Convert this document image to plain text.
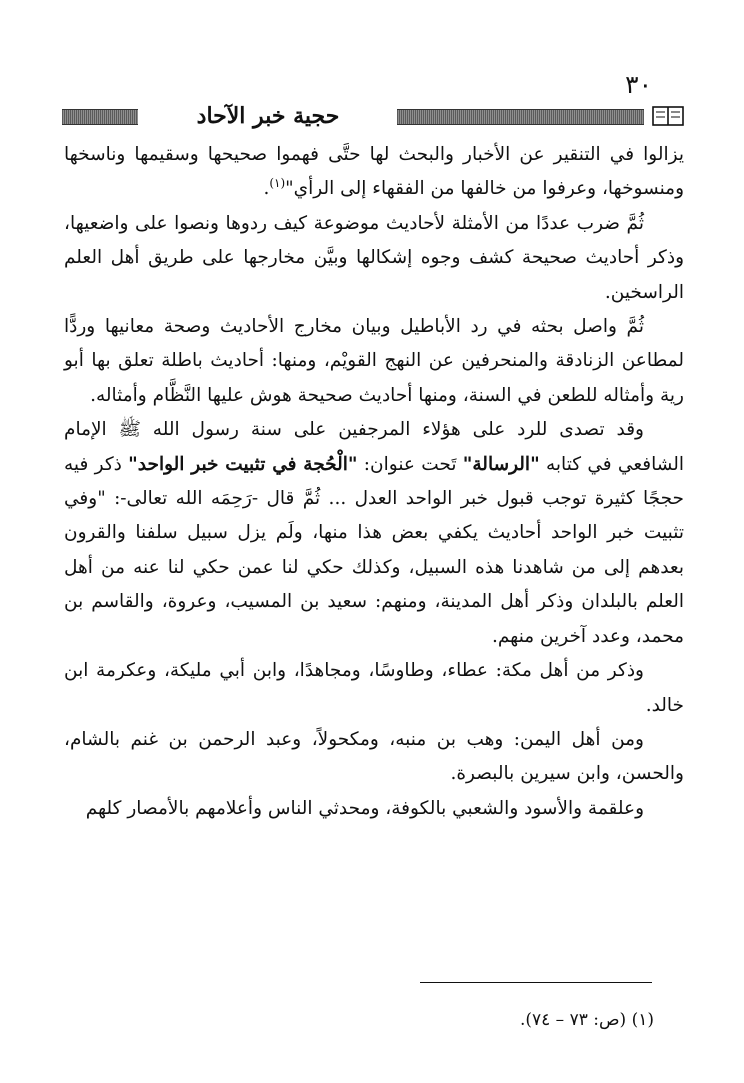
٣٠
حجية خبر الآحاد

يزالوا في التنقير عن الأخبار والبحث لها حتَّى فهموا صحيحها وسقيمها وناسخها ومنسوخها، وعرفوا من خالفها من الفقهاء إلى الرأي"$^{(١)}$.

ثُمَّ ضرب عددًا من الأمثلة لأحاديث موضوعة كيف ردوها ونصوا على واضعيها، وذكر أحاديث صحيحة كشف وجوه إشكالها وبيَّن مخارجها على طريق أهل العلم الراسخين.

ثُمَّ واصل بحثه في رد الأباطيل وبيان مخارج الأحاديث وصحة معانيها وردًّا لمطاعن الزنادقة والمنحرفين عن النهج القويْم، ومنها: أحاديث باطلة تعلق بها أبو رية وأمثاله للطعن في السنة، ومنها أحاديث صحيحة هوش عليها النَّظَّام وأمثاله.

وقد تصدى للرد على هؤلاء المرجفين على سنة رسول الله ﷺ الإمام الشافعي في كتابه "الرسالة" تَحت عنوان: "الْحُجة في تثبيت خبر الواحد" ذكر فيه حججًا كثيرة توجب قبول خبر الواحد العدل ... ثُمَّ قال -رَحِمَه الله تعالى-: "وفي تثبيت خبر الواحد أحاديث يكفي بعض هذا منها، ولَم يزل سبيل سلفنا والقرون بعدهم إلى من شاهدنا هذه السبيل، وكذلك حكي لنا عمن حكي لنا عنه من أهل العلم بالبلدان وذكر أهل المدينة، ومنهم: سعيد بن المسيب، وعروة، والقاسم بن محمد، وعدد آخرين منهم.

وذكر من أهل مكة: عطاء، وطاوسًا، ومجاهدًا، وابن أبي مليكة، وعكرمة ابن خالد.

ومن أهل اليمن: وهب بن منبه، ومكحولاً، وعبد الرحمن بن غنم بالشام، والحسن، وابن سيرين بالبصرة.

وعلقمة والأسود والشعبي بالكوفة، ومحدثي الناس وأعلامهم بالأمصار كلهم

(١) (ص: ٧٣ – ٧٤).
